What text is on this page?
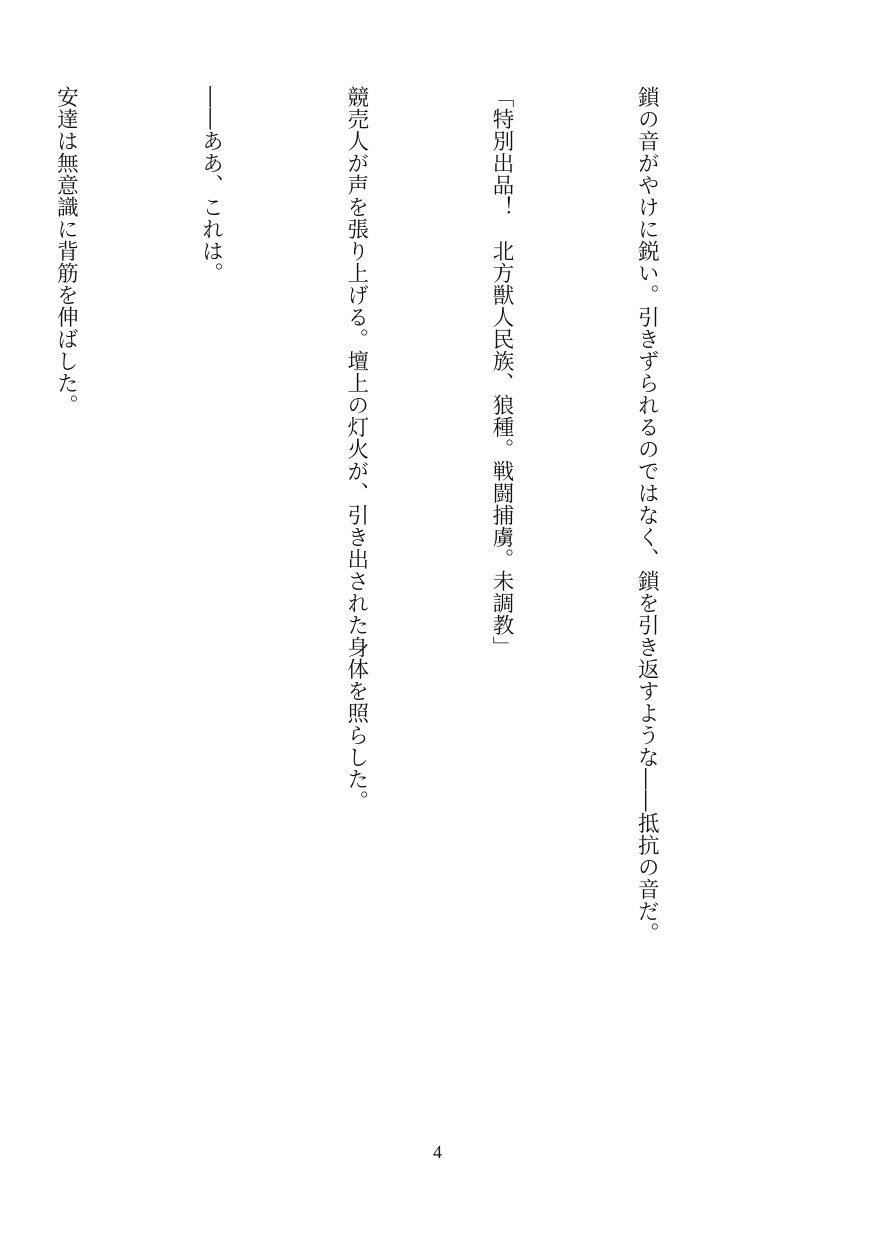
鎖の音がやけに鋭い。引きずられるのではなく、鎖を引き返すような――抵抗の音だ。

「特別出品！　北方獣人民族、狼種。戦闘捕虜。未調教」

競売人が声を張り上げる。壇上の灯火が、引き出された身体を照らした。

――ああ、これは。

安達は無意識に背筋を伸ばした。

4
